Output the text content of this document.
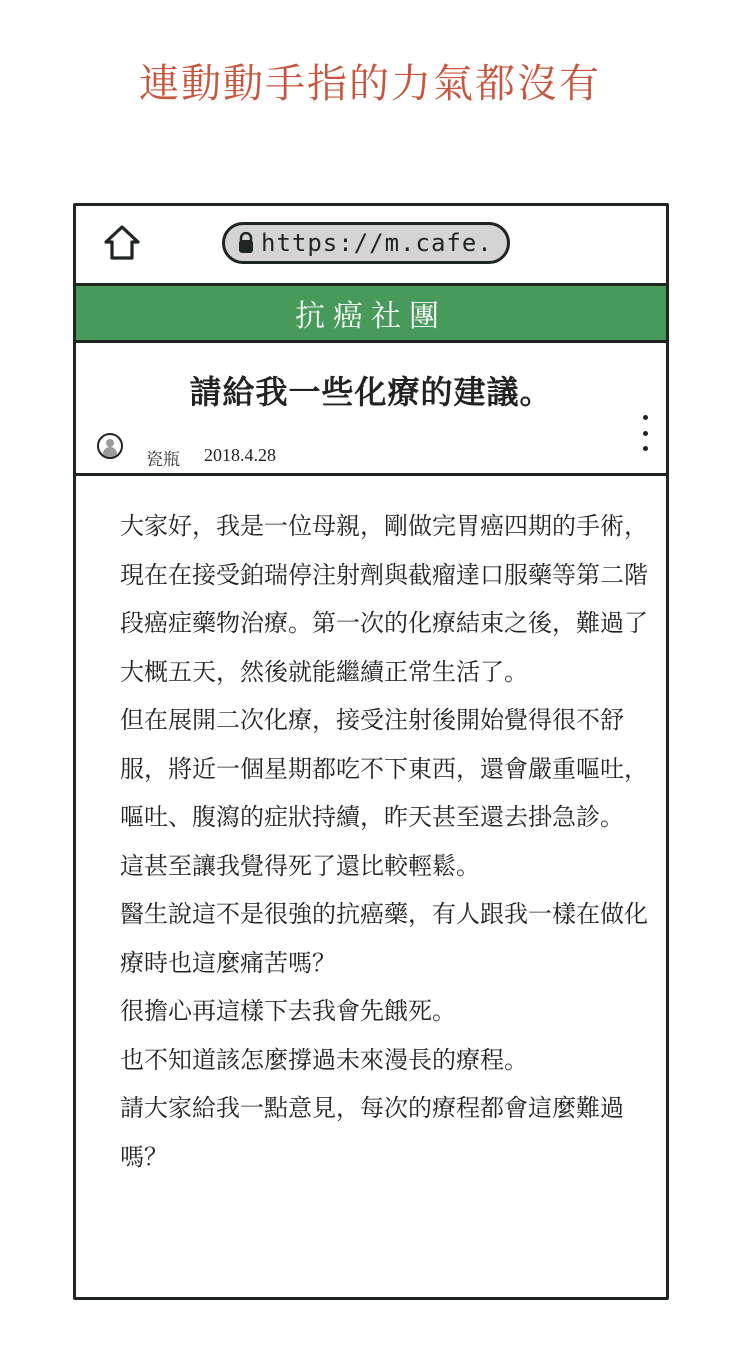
連動動手指的力氣都沒有
https://m.cafe.
抗癌社團
請給我一些化療的建議。
瓷瓶 2018.4.28

大家好，我是一位母親，剛做完胃癌四期的手術，現在在接受鉑瑞停注射劑與截瘤達口服藥等第二階段癌症藥物治療。第一次的化療結束之後，難過了大概五天，然後就能繼續正常生活了。

但在展開二次化療，接受注射後開始覺得很不舒服，將近一個星期都吃不下東西，還會嚴重嘔吐，嘔吐、腹瀉的症狀持續，昨天甚至還去掛急診。

這甚至讓我覺得死了還比較輕鬆。

醫生說這不是很強的抗癌藥，有人跟我一樣在做化療時也這麼痛苦嗎？

很擔心再這樣下去我會先餓死。

也不知道該怎麼撐過未來漫長的療程。

請大家給我一點意見，每次的療程都會這麼難過嗎？
